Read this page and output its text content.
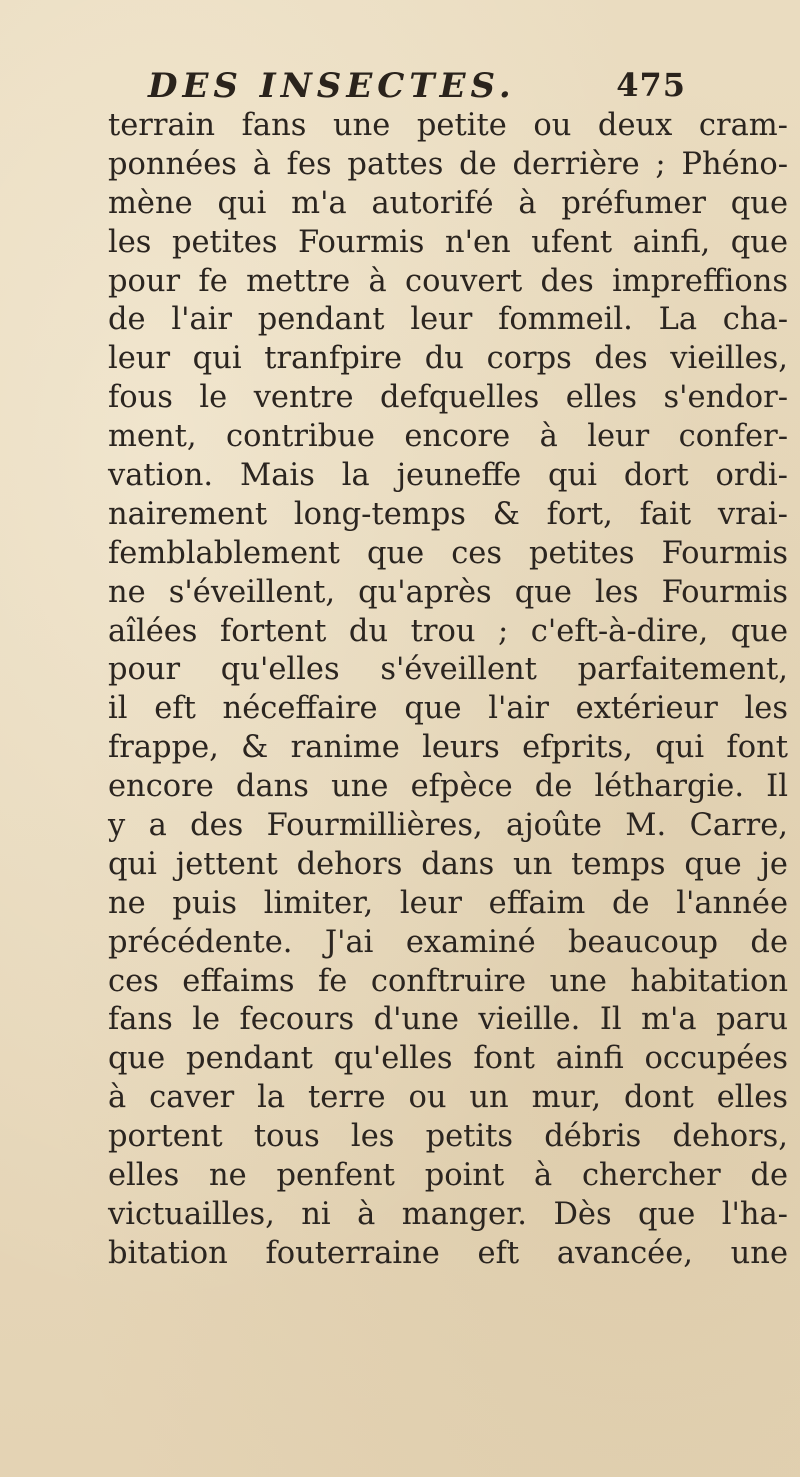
DES INSECTES.	475
terrain fans une petite ou deux cram-
ponnées à fes pattes de derrière ; Phéno-
mène qui m'a autorifé à préfumer que
les petites Fourmis n'en ufent ainfi, que
pour fe mettre à couvert des impreffions
de l'air pendant leur fommeil. La cha-
leur qui tranfpire du corps des vieilles,
fous le ventre defquelles elles s'endor-
ment, contribue encore à leur confer-
vation. Mais la jeuneffe qui dort ordi-
nairement long-temps & fort, fait vrai-
femblablement que ces petites Fourmis
ne s'éveillent, qu'après que les Fourmis
aîlées fortent du trou ; c'eft-à-dire, que
pour qu'elles s'éveillent parfaitement,
il eft néceffaire que l'air extérieur les
frappe, & ranime leurs efprits, qui font
encore dans une efpèce de léthargie. Il
y a des Fourmillières, ajoûte M. Carre,
qui jettent dehors dans un temps que je
ne puis limiter, leur effaim de l'année
précédente. J'ai examiné beaucoup de
ces effaims fe conftruire une habitation
fans le fecours d'une vieille. Il m'a paru
que pendant qu'elles font ainfi occupées
à caver la terre ou un mur, dont elles
portent tous les petits débris dehors,
elles ne penfent point à chercher de
victuailles, ni à manger. Dès que l'ha-
bitation fouterraine eft avancée, une
